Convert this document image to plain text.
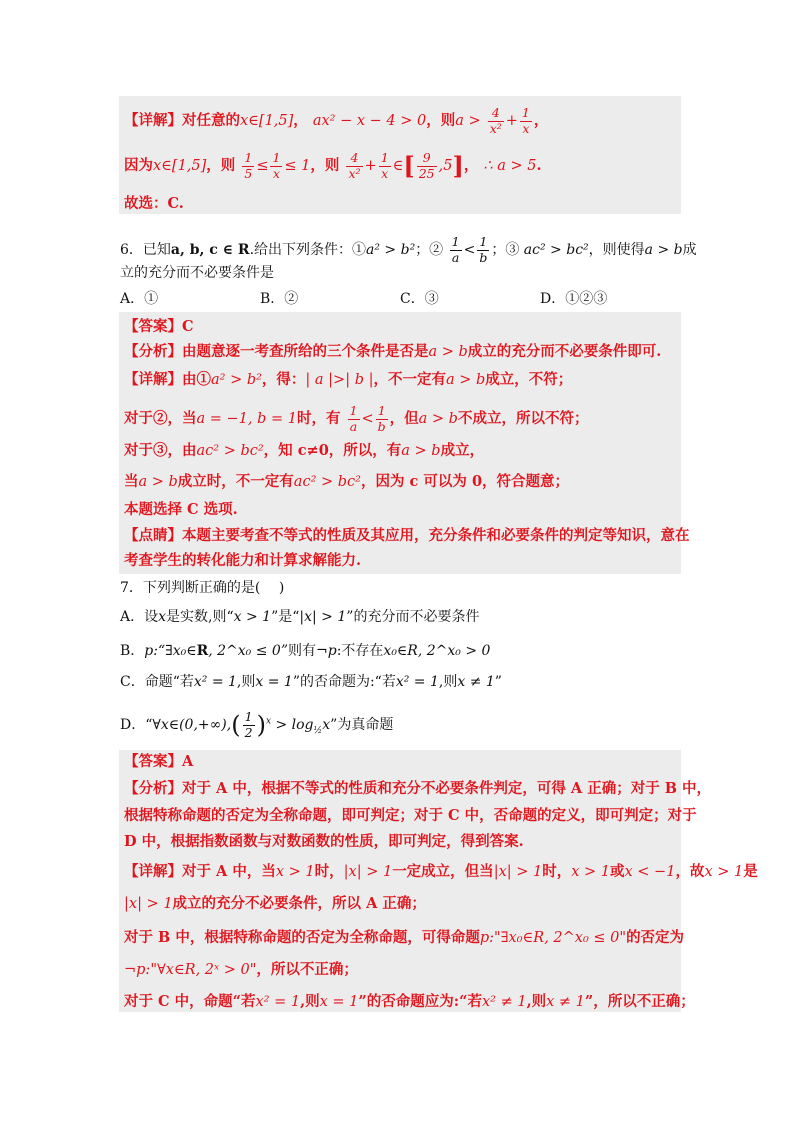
【详解】对任意的x∈[1,5]， ax² − x − 4 > 0，则$a > \frac{4}{\text{x²}} + \frac{1}{x}$ ，
因为x∈[1,5]，则 $\frac{1}{5} \le \frac{1}{x} \le 1$，则 $\frac{4}{\text{x²}} + \frac{1}{x}$ ∈[ $\frac{9}{25} ,5$]， ∴ a > 5.
故选：C.
6．已知a, b, c ∈ R.给出下列条件：①a² > b²；② $\frac{1}{a} < \frac{1}{b}$ ；③ ac² > bc²，则使得a > b成
立的充分而不必要条件是
A．①	B．②	C．③	D．①②③
【答案】C
【分析】由题意逐一考查所给的三个条件是否是a > b成立的充分而不必要条件即可.
【详解】由①a² > b²，得：| a |>| b |，不一定有a > b成立，不符；
对于②，当a = −1, b = 1时，有 $\frac{1}{a} < \frac{1}{b}$ ，但a > b不成立，所以不符；
对于③，由ac² > bc²，知 c≠0，所以，有a > b成立，
当a > b成立时，不一定有ac² > bc²，因为 c 可以为 0，符合题意；
本题选择 C 选项.
【点睛】本题主要考查不等式的性质及其应用，充分条件和必要条件的判定等知识，意在
考查学生的转化能力和计算求解能力.
7．下列判断正确的是(　 )
A．设x是实数,则“x > 1”是“|x| > 1”的充分而不必要条件
B．p:“∃x₀∈R, 2^x₀ ≤ 0”则有¬p:不存在x₀∈R, 2^x₀ > 0
C．命题“若x² = 1,则x = 1”的否命题为:“若x² = 1,则x ≠ 1”
D．“∀x∈(0,+∞),( $\frac{1}{2} )^x > \log_{\frac{1}{2}}x$”为真命题
【答案】A
【分析】对于 A 中，根据不等式的性质和充分不必要条件判定，可得 A 正确；对于 B 中，
根据特称命题的否定为全称命题，即可判定；对于 C 中，否命题的定义，即可判定；对于
D 中，根据指数函数与对数函数的性质，即可判定，得到答案.
【详解】对于 A 中，当x > 1时，|x| > 1一定成立，但当|x| > 1时，x > 1或x < −1，故x > 1是
|x| > 1成立的充分不必要条件，所以 A 正确；
对于 B 中，根据特称命题的否定为全称命题，可得命题p:"∃x₀∈R, 2^x₀ ≤ 0"的否定为
¬p:"∀x∈R, 2ˣ > 0"，所以不正确；
对于 C 中，命题“若x² = 1,则x = 1”的否命题应为:“若x² ≠ 1,则x ≠ 1”，所以不正确；
